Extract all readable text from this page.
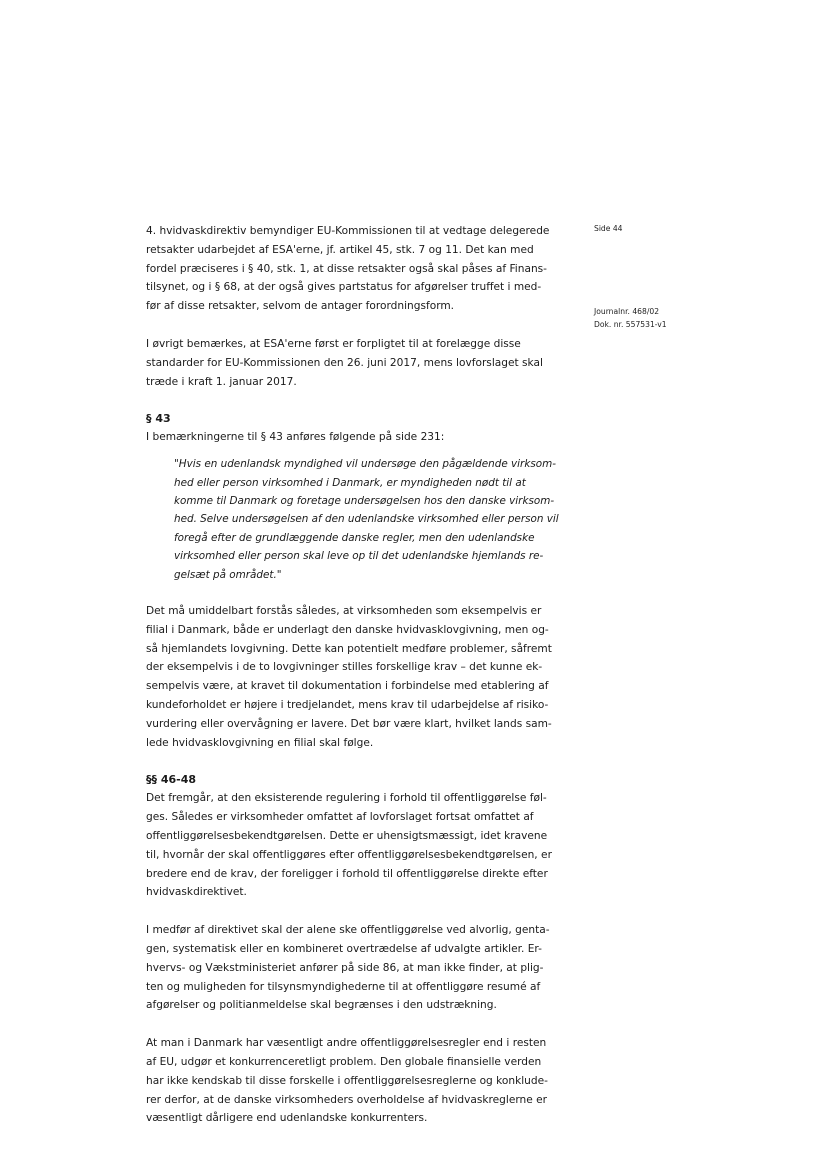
Side 44
Journalnr. 468/02
Dok. nr. 557531-v1
4. hvidvaskdirektiv bemyndiger EU-Kommissionen til at vedtage delegerede
retsakter udarbejdet af ESA'erne, jf. artikel 45, stk. 7 og 11. Det kan med
fordel præciseres i § 40, stk. 1, at disse retsakter også skal påses af Finans-
tilsynet, og i § 68, at der også gives partstatus for afgørelser truffet i med-
før af disse retsakter, selvom de antager forordningsform.
I øvrigt bemærkes, at ESA'erne først er forpligtet til at forelægge disse
standarder for EU-Kommissionen den 26. juni 2017, mens lovforslaget skal
træde i kraft 1. januar 2017.
§ 43
I bemærkningerne til § 43 anføres følgende på side 231:
"Hvis en udenlandsk myndighed vil undersøge den pågældende virksom-
hed eller person virksomhed i Danmark, er myndigheden nødt til at
komme til Danmark og foretage undersøgelsen hos den danske virksom-
hed. Selve undersøgelsen af den udenlandske virksomhed eller person vil
foregå efter de grundlæggende danske regler, men den udenlandske
virksomhed eller person skal leve op til det udenlandske hjemlands re-
gelsæt på området."
Det må umiddelbart forstås således, at virksomheden som eksempelvis er
filial i Danmark, både er underlagt den danske hvidvasklovgivning, men og-
så hjemlandets lovgivning. Dette kan potentielt medføre problemer, såfremt
der eksempelvis i de to lovgivninger stilles forskellige krav – det kunne ek-
sempelvis være, at kravet til dokumentation i forbindelse med etablering af
kundeforholdet er højere i tredjelandet, mens krav til udarbejdelse af risiko-
vurdering eller overvågning er lavere. Det bør være klart, hvilket lands sam-
lede hvidvasklovgivning en filial skal følge.
§§ 46-48
Det fremgår, at den eksisterende regulering i forhold til offentliggørelse føl-
ges. Således er virksomheder omfattet af lovforslaget fortsat omfattet af
offentliggørelsesbekendtgørelsen. Dette er uhensigtsmæssigt, idet kravene
til, hvornår der skal offentliggøres efter offentliggørelsesbekendtgørelsen, er
bredere end de krav, der foreligger i forhold til offentliggørelse direkte efter
hvidvaskdirektivet.
I medfør af direktivet skal der alene ske offentliggørelse ved alvorlig, genta-
gen, systematisk eller en kombineret overtrædelse af udvalgte artikler. Er-
hvervs- og Vækstministeriet anfører på side 86, at man ikke finder, at plig-
ten og muligheden for tilsynsmyndighederne til at offentliggøre resumé af
afgørelser og politianmeldelse skal begrænses i den udstrækning.
At man i Danmark har væsentligt andre offentliggørelsesregler end i resten
af EU, udgør et konkurrenceretligt problem. Den globale finansielle verden
har ikke kendskab til disse forskelle i offentliggørelsesreglerne og konklude-
rer derfor, at de danske virksomheders overholdelse af hvidvaskreglerne er
væsentligt dårligere end udenlandske konkurrenters.
